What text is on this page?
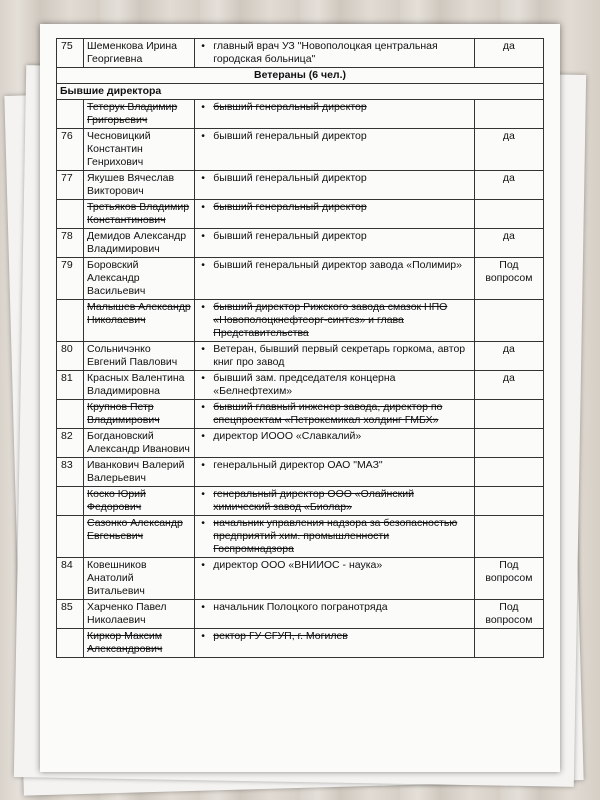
75	Шеменкова Ирина Георгиевна	• главный врач УЗ "Новополоцкая центральная городская больница"	да
Ветераны (6 чел.)			
Бывшие директора			
	Тетерук Владимир Григорьевич	• бывший генеральный директор	

76	Чесновицкий Константин Генрихович	• бывший генеральный директор	да
77	Якушев Вячеслав Викторович	• бывший генеральный директор	да
	Третьяков Владимир Константинович	• бывший генеральный директор	

78	Демидов Александр Владимирович	• бывший генеральный директор	да
79	Боровский Александр Васильевич	• бывший генеральный директор завода «Полимир»	Под вопросом
	Малышев Александр Николаевич	• бывший директор Рижского завода смазок НПО «Новополоцкнефтеорг-синтез» и глава Представительства	

80	Сольничэнко Евгений Павлович	• Ветеран, бывший первый секретарь горкома, автор книг про завод	да
81	Красных Валентина Владимировна	• бывший зам. председателя концерна «Белнефтехим»	да
	Крупнов Петр Владимирович	• бывший главный инженер завода, директор по спецпроектам «Петрокемикал холдинг ГМБХ»	

82	Богдановский Александр Иванович	• директор ИООО «Славкалий»	

83	Иванкович Валерий Валерьевич	• генеральный директор ОАО "МАЗ"	

	Коско Юрий Федорович	• генеральный директор ООО «Олайнский химический завод «Биолар»	

	Сазонко Александр Евгеньевич	• начальник управления надзора за безопасностью предприятий хим. промышленности Госпромнадзора	

84	Ковешников Анатолий Витальевич	• директор ООО «ВНИИОС - наука»	Под вопросом
85	Харченко Павел Николаевич	• начальник Полоцкого погранотряда	Под вопросом
	Киркор Максим Александрович	• ректор ГУ СГУП, г. Могилев	
